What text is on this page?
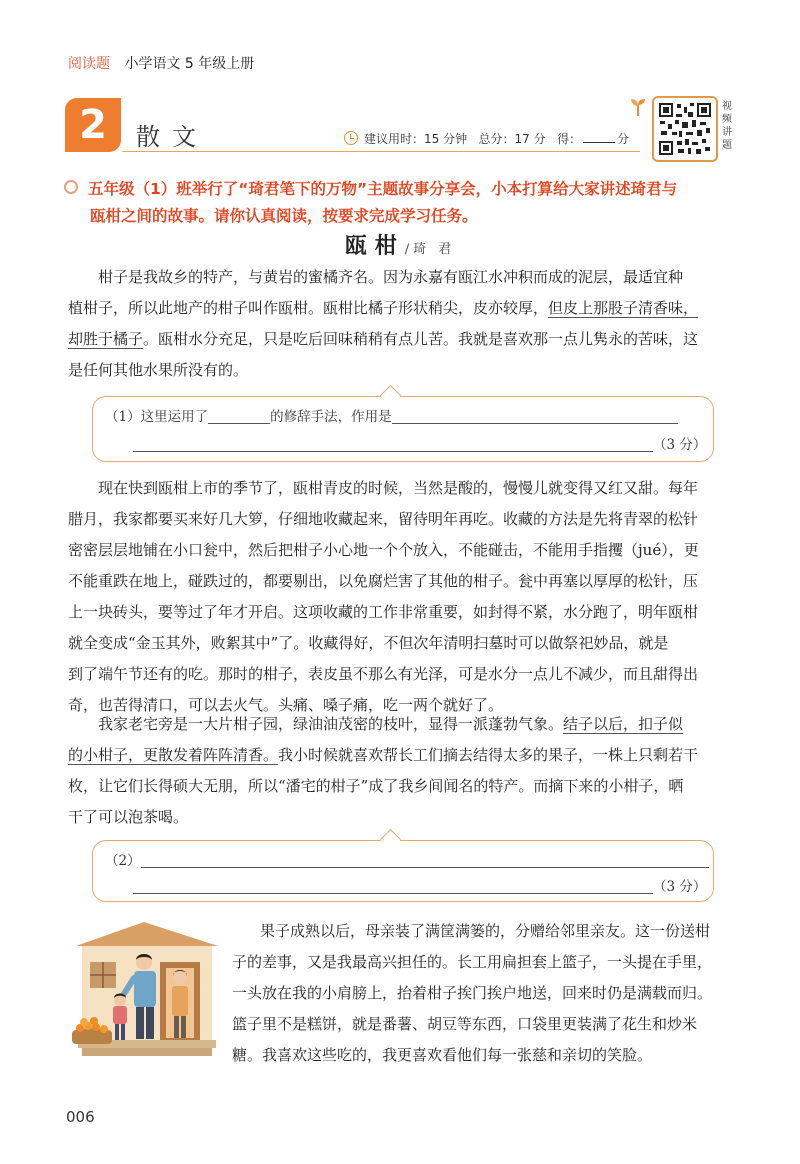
阅读题 小学语文 5 年级上册
2	散文	建议用时：15 分钟 总分：17 分 得：	分
视频讲题
五年级（1）班举行了“琦君笔下的万物”主题故事分享会，小本打算给大家讲述琦君与
瓯柑之间的故事。请你认真阅读，按要求完成学习任务。
瓯柑/琦 君
柑子是我故乡的特产，与黄岩的蜜橘齐名。因为永嘉有瓯江水冲积而成的泥层，最适宜种
植柑子，所以此地产的柑子叫作瓯柑。瓯柑比橘子形状稍尖，皮亦较厚，但皮上那股子清香味，
却胜于橘子。瓯柑水分充足，只是吃后回味稍稍有点儿苦。我就是喜欢那一点儿隽永的苦味，这
是任何其他水果所没有的。
（1）这里运用了	的修辞手法，作用是
（3 分）
现在快到瓯柑上市的季节了，瓯柑青皮的时候，当然是酸的，慢慢儿就变得又红又甜。每年
腊月，我家都要买来好几大箩，仔细地收藏起来，留待明年再吃。收藏的方法是先将青翠的松针
密密层层地铺在小口瓮中，然后把柑子小心地一个个放入，不能碰击，不能用手指攫（jué），更
不能重跌在地上，碰跌过的，都要剔出，以免腐烂害了其他的柑子。瓮中再塞以厚厚的松针，压
上一块砖头，要等过了年才开启。这项收藏的工作非常重要，如封得不紧，水分跑了，明年瓯柑
就全变成“金玉其外，败絮其中”了。收藏得好，不但次年清明扫墓时可以做祭祀妙品，就是
到了端午节还有的吃。那时的柑子，表皮虽不那么有光泽，可是水分一点儿不减少，而且甜得出
奇，也苦得清口，可以去火气。头痛、嗓子痛，吃一两个就好了。
我家老宅旁是一大片柑子园，绿油油茂密的枝叶，显得一派蓬勃气象。结子以后，扣子似
的小柑子，更散发着阵阵清香。我小时候就喜欢帮长工们摘去结得太多的果子，一株上只剩若干
枚，让它们长得硕大无朋，所以“潘宅的柑子”成了我乡间闻名的特产。而摘下来的小柑子，晒
干了可以泡茶喝。
（2）
（3 分）
果子成熟以后，母亲装了满筐满篓的，分赠给邻里亲友。这一份送柑
子的差事，又是我最高兴担任的。长工用扁担套上篮子，一头提在手里，
一头放在我的小肩膀上，抬着柑子挨门挨户地送，回来时仍是满载而归。
篮子里不是糕饼，就是番薯、胡豆等东西，口袋里更装满了花生和炒米
糖。我喜欢这些吃的，我更喜欢看他们每一张慈和亲切的笑脸。
006
